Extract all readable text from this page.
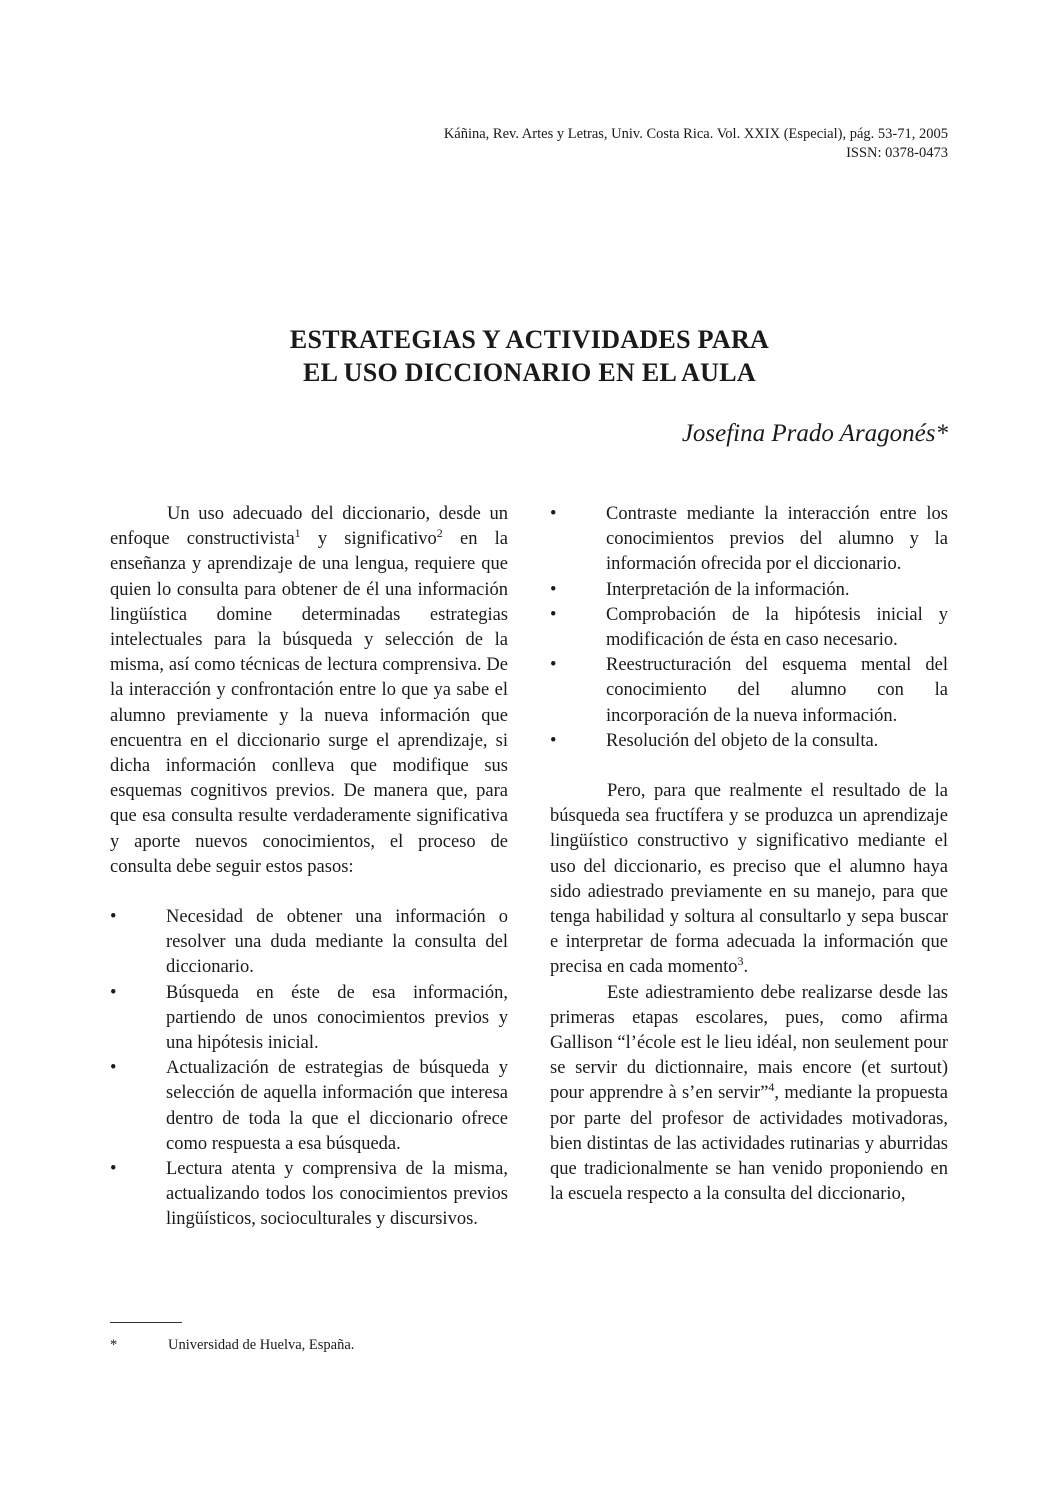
Káñina, Rev. Artes y Letras, Univ. Costa Rica. Vol. XXIX (Especial), pág. 53-71, 2005
ISSN: 0378-0473
ESTRATEGIAS Y ACTIVIDADES PARA
EL USO DICCIONARIO EN EL AULA
Josefina Prado Aragonés*

Un uso adecuado del diccionario, desde un enfoque constructivista$^1$ y significativo$^2$ en la enseñanza y aprendizaje de una lengua, requiere que quien lo consulta para obtener de él una información lingüística domine determinadas estrategias intelectuales para la búsqueda y selección de la misma, así como técnicas de lectura comprensiva. De la interacción y confrontación entre lo que ya sabe el alumno previamente y la nueva información que encuentra en el diccionario surge el aprendizaje, si dicha información conlleva que modifique sus esquemas cognitivos previos. De manera que, para que esa consulta resulte verdaderamente significativa y aporte nuevos conocimientos, el proceso de consulta debe seguir estos pasos:

•	Necesidad de obtener una información o resolver una duda mediante la consulta del diccionario.
•	Búsqueda en éste de esa información, partiendo de unos conocimientos previos y una hipótesis inicial.
•	Actualización de estrategias de búsqueda y selección de aquella información que interesa dentro de toda la que el diccionario ofrece como respuesta a esa búsqueda.
•	Lectura atenta y comprensiva de la misma, actualizando todos los conocimientos previos lingüísticos, socioculturales y discursivos.
•	Contraste mediante la interacción entre los conocimientos previos del alumno y la información ofrecida por el diccionario.
•	Interpretación de la información.
•	Comprobación de la hipótesis inicial y modificación de ésta en caso necesario.
•	Reestructuración del esquema mental del conocimiento del alumno con la incorporación de la nueva información.
•	Resolución del objeto de la consulta.

Pero, para que realmente el resultado de la búsqueda sea fructífera y se produzca un aprendizaje lingüístico constructivo y significativo mediante el uso del diccionario, es preciso que el alumno haya sido adiestrado previamente en su manejo, para que tenga habilidad y soltura al consultarlo y sepa buscar e interpretar de forma adecuada la información que precisa en cada momento$^3$.

Este adiestramiento debe realizarse desde las primeras etapas escolares, pues, como afirma Gallison “l’école est le lieu idéal, non seulement pour se servir du dictionnaire, mais encore (et surtout) pour apprendre à s’en servir”$^4$, mediante la propuesta por parte del profesor de actividades motivadoras, bien distintas de las actividades rutinarias y aburridas que tradicionalmente se han venido proponiendo en la escuela respecto a la consulta del diccionario,

*	Universidad de Huelva, España.
